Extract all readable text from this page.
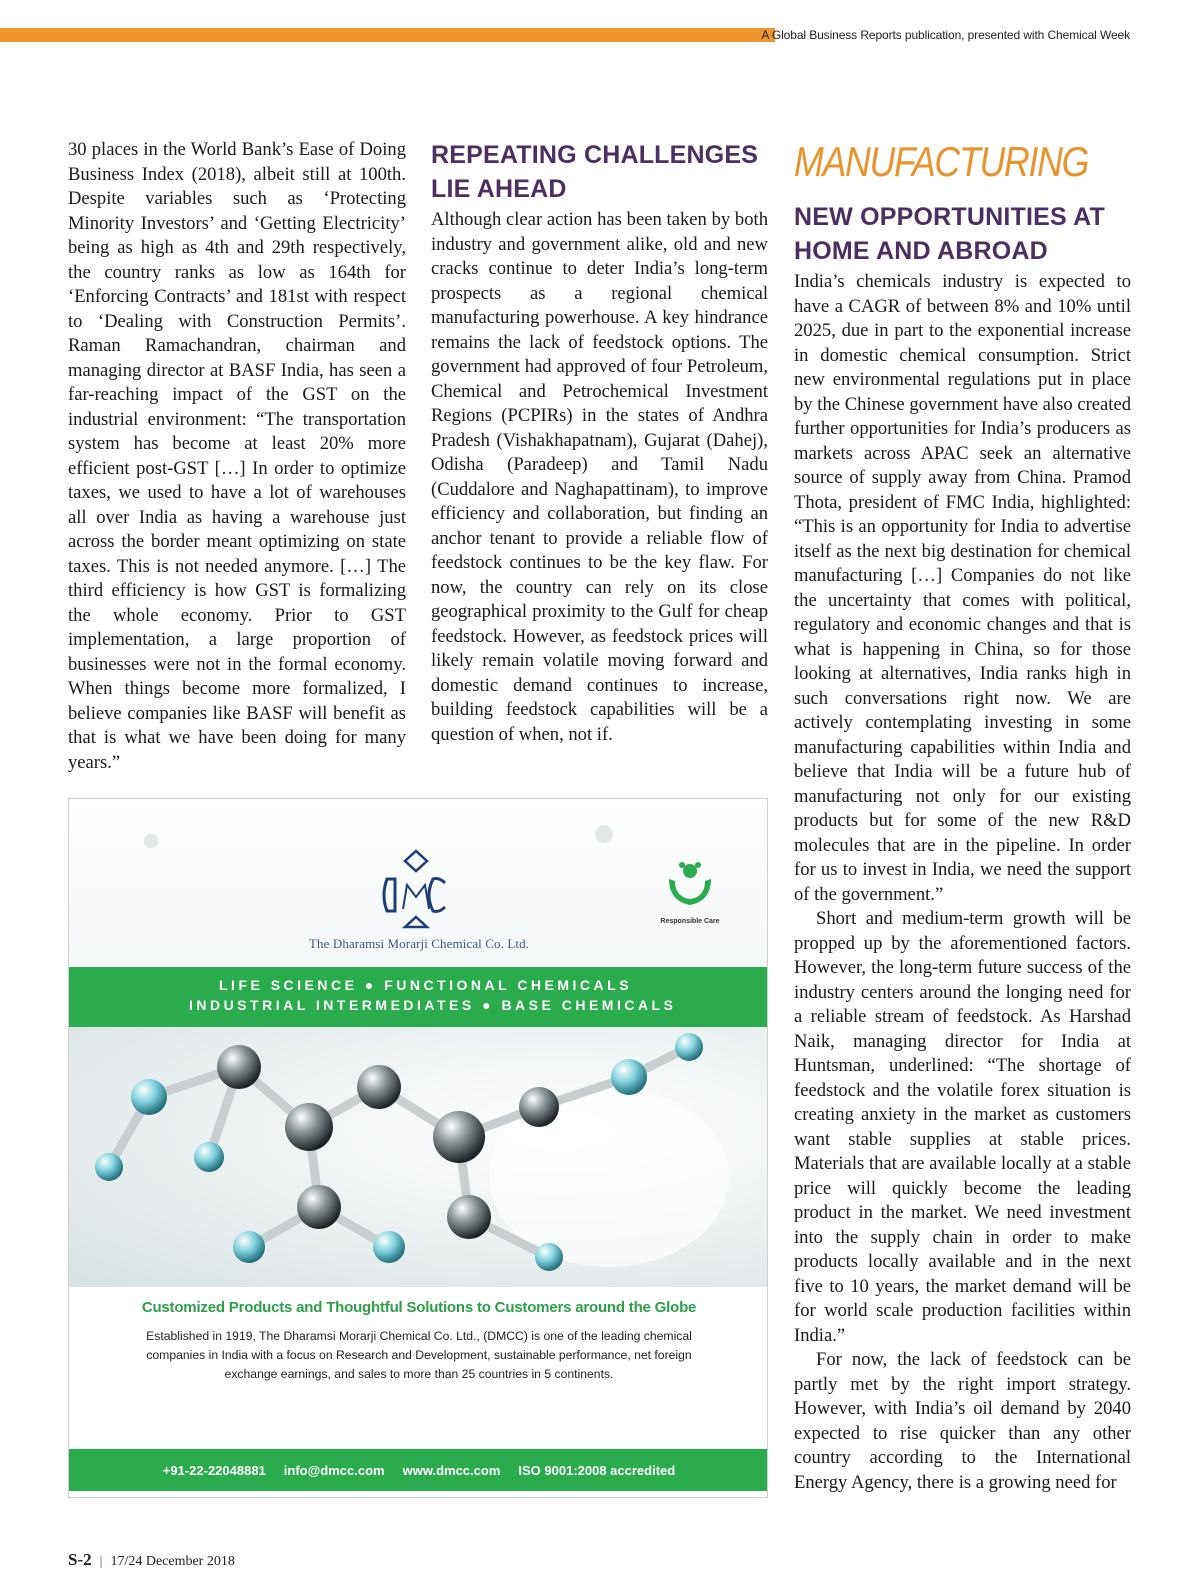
A Global Business Reports publication, presented with Chemical Week

30 places in the World Bank’s Ease of Doing Business Index (2018), albeit still at 100th. Despite variables such as ‘Protecting Minority Investors’ and ‘Getting Electricity’ being as high as 4th and 29th respectively, the country ranks as low as 164th for ‘Enforcing Contracts’ and 181st with respect to ‘Dealing with Construction Permits’. Raman Ramachandran, chairman and managing director at BASF India, has seen a far-reaching impact of the GST on the industrial environment: “The transportation system has become at least 20% more efficient post-GST […] In order to optimize taxes, we used to have a lot of warehouses all over India as having a warehouse just across the border meant optimizing on state taxes. This is not needed anymore. […] The third efficiency is how GST is formalizing the whole economy. Prior to GST implementation, a large proportion of businesses were not in the formal economy. When things become more formalized, I believe companies like BASF will benefit as that is what we have been doing for many years.”

REPEATING CHALLENGES LIE AHEAD

Although clear action has been taken by both industry and government alike, old and new cracks continue to deter India’s long-term prospects as a regional chemical manufacturing powerhouse. A key hindrance remains the lack of feedstock options. The government had approved of four Petroleum, Chemical and Petrochemical Investment Regions (PCPIRs) in the states of Andhra Pradesh (Vishakhapatnam), Gujarat (Dahej), Odisha (Paradeep) and Tamil Nadu (Cuddalore and Naghapattinam), to improve efficiency and collaboration, but finding an anchor tenant to provide a reliable flow of feedstock continues to be the key flaw. For now, the country can rely on its close geographical proximity to the Gulf for cheap feedstock. However, as feedstock prices will likely remain volatile moving forward and domestic demand continues to increase, building feedstock capabilities will be a question of when, not if.

MANUFACTURING
NEW OPPORTUNITIES AT HOME AND ABROAD

India’s chemicals industry is expected to have a CAGR of between 8% and 10% until 2025, due in part to the exponential increase in domestic chemical consumption. Strict new environmental regulations put in place by the Chinese government have also created further opportunities for India’s producers as markets across APAC seek an alternative source of supply away from China. Pramod Thota, president of FMC India, highlighted: “This is an opportunity for India to advertise itself as the next big destination for chemical manufacturing […] Companies do not like the uncertainty that comes with political, regulatory and economic changes and that is what is happening in China, so for those looking at alternatives, India ranks high in such conversations right now. We are actively contemplating investing in some manufacturing capabilities within India and believe that India will be a future hub of manufacturing not only for our existing products but for some of the new R&D molecules that are in the pipeline. In order for us to invest in India, we need the support of the government.”

Short and medium-term growth will be propped up by the aforementioned factors. However, the long-term future success of the industry centers around the longing need for a reliable stream of feedstock. As Harshad Naik, managing director for India at Huntsman, underlined: “The shortage of feedstock and the volatile forex situation is creating anxiety in the market as customers want stable supplies at stable prices. Materials that are available locally at a stable price will quickly become the leading product in the market. We need investment into the supply chain in order to make products locally available and in the next five to 10 years, the market demand will be for world scale production facilities within India.”

For now, the lack of feedstock can be partly met by the right import strategy. However, with India’s oil demand by 2040 expected to rise quicker than any other country according to the International Energy Agency, there is a growing need for

Responsible Care
The Dharamsi Morarji Chemical Co. Ltd.
LIFE SCIENCE ● FUNCTIONAL CHEMICALS
INDUSTRIAL INTERMEDIATES ● BASE CHEMICALS
Customized Products and Thoughtful Solutions to Customers around the Globe
Established in 1919, The Dharamsi Morarji Chemical Co. Ltd., (DMCC) is one of the leading chemical companies in India with a focus on Research and Development, sustainable performance, net foreign exchange earnings, and sales to more than 25 countries in 5 continents.
+91-22-22048881 info@dmcc.com www.dmcc.com ISO 9001:2008 accredited
S-2 | 17/24 December 2018
